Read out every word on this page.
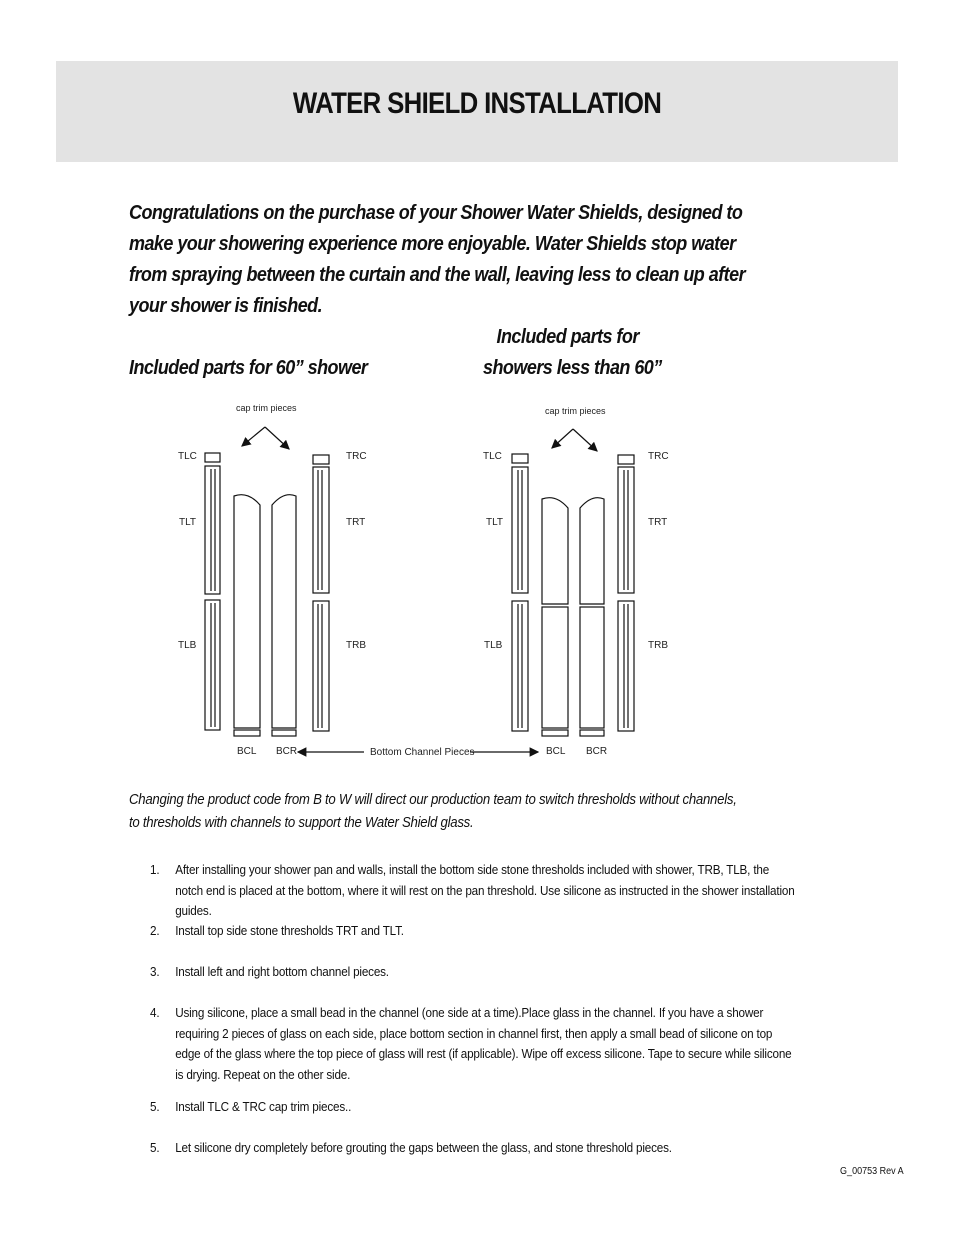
WATER SHIELD INSTALLATION
Congratulations on the purchase of your Shower Water Shields, designed to make your showering experience more enjoyable. Water Shields stop water from spraying between the curtain and the wall, leaving less to clean up after your shower is finished.
Included parts for 60” shower
Included parts for
showers less than 60”
cap trim pieces
TLC
TLT
TLB
TRC
TRT
TRB
BCL BCR
cap trim pieces
TLC
TLT
TLB
TRC
TRT
TRB
BCL BCR
Bottom Channel Pieces
Changing the product code from B to W will direct our production team to switch thresholds without channels,
to thresholds with channels to support the Water Shield glass.
1.	After installing your shower pan and walls, install the bottom side stone thresholds included with shower, TRB, TLB, the notch end is placed at the bottom, where it will rest on the pan threshold. Use silicone as instructed in the shower installation guides.
2.	Install top side stone thresholds TRT and TLT.
3.	Install left and right bottom channel pieces.
4.	Using silicone, place a small bead in the channel (one side at a time).Place glass in the channel. If you have a shower requiring 2 pieces of glass on each side, place bottom section in channel first, then apply a small bead of silicone on top edge of the glass where the top piece of glass will rest (if applicable). Wipe off excess silicone. Tape to secure while silicone is drying. Repeat on the other side.
5.	Install TLC & TRC cap trim pieces..
5.	Let silicone dry completely before grouting the gaps between the glass, and stone threshold pieces.
G_00753 Rev A
